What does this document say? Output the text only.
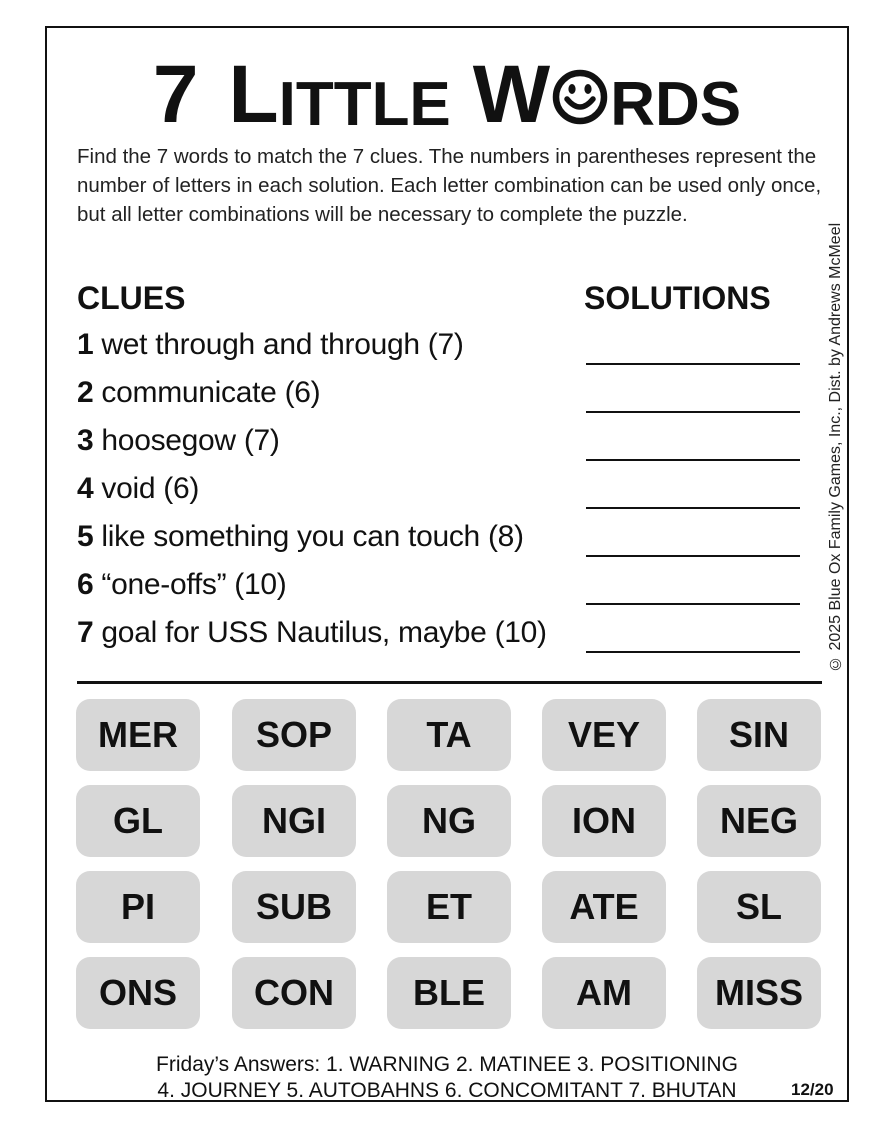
7 L ITTLE W RDS
Find the 7 words to match the 7 clues. The numbers in parentheses represent the number of letters in each solution. Each letter combination can be used only once, but all letter combinations will be necessary to complete the puzzle.
© 2025 Blue Ox Family Games, Inc., Dist. by Andrews McMeel
CLUES	SOLUTIONS
1 wet through and through (7)
2 communicate (6)
3 hoosegow (7)
4 void (6)
5 like something you can touch (8)
6 “one-offs” (10)
7 goal for USS Nautilus, maybe (10)
MER	SOP	TA	VEY	SIN
GL	NGI	NG	ION	NEG
PI	SUB	ET	ATE	SL
ONS	CON	BLE	AM	MISS
Friday’s Answers: 1. WARNING 2. MATINEE 3. POSITIONING
4. JOURNEY 5. AUTOBAHNS 6. CONCOMITANT 7. BHUTAN	12/20
